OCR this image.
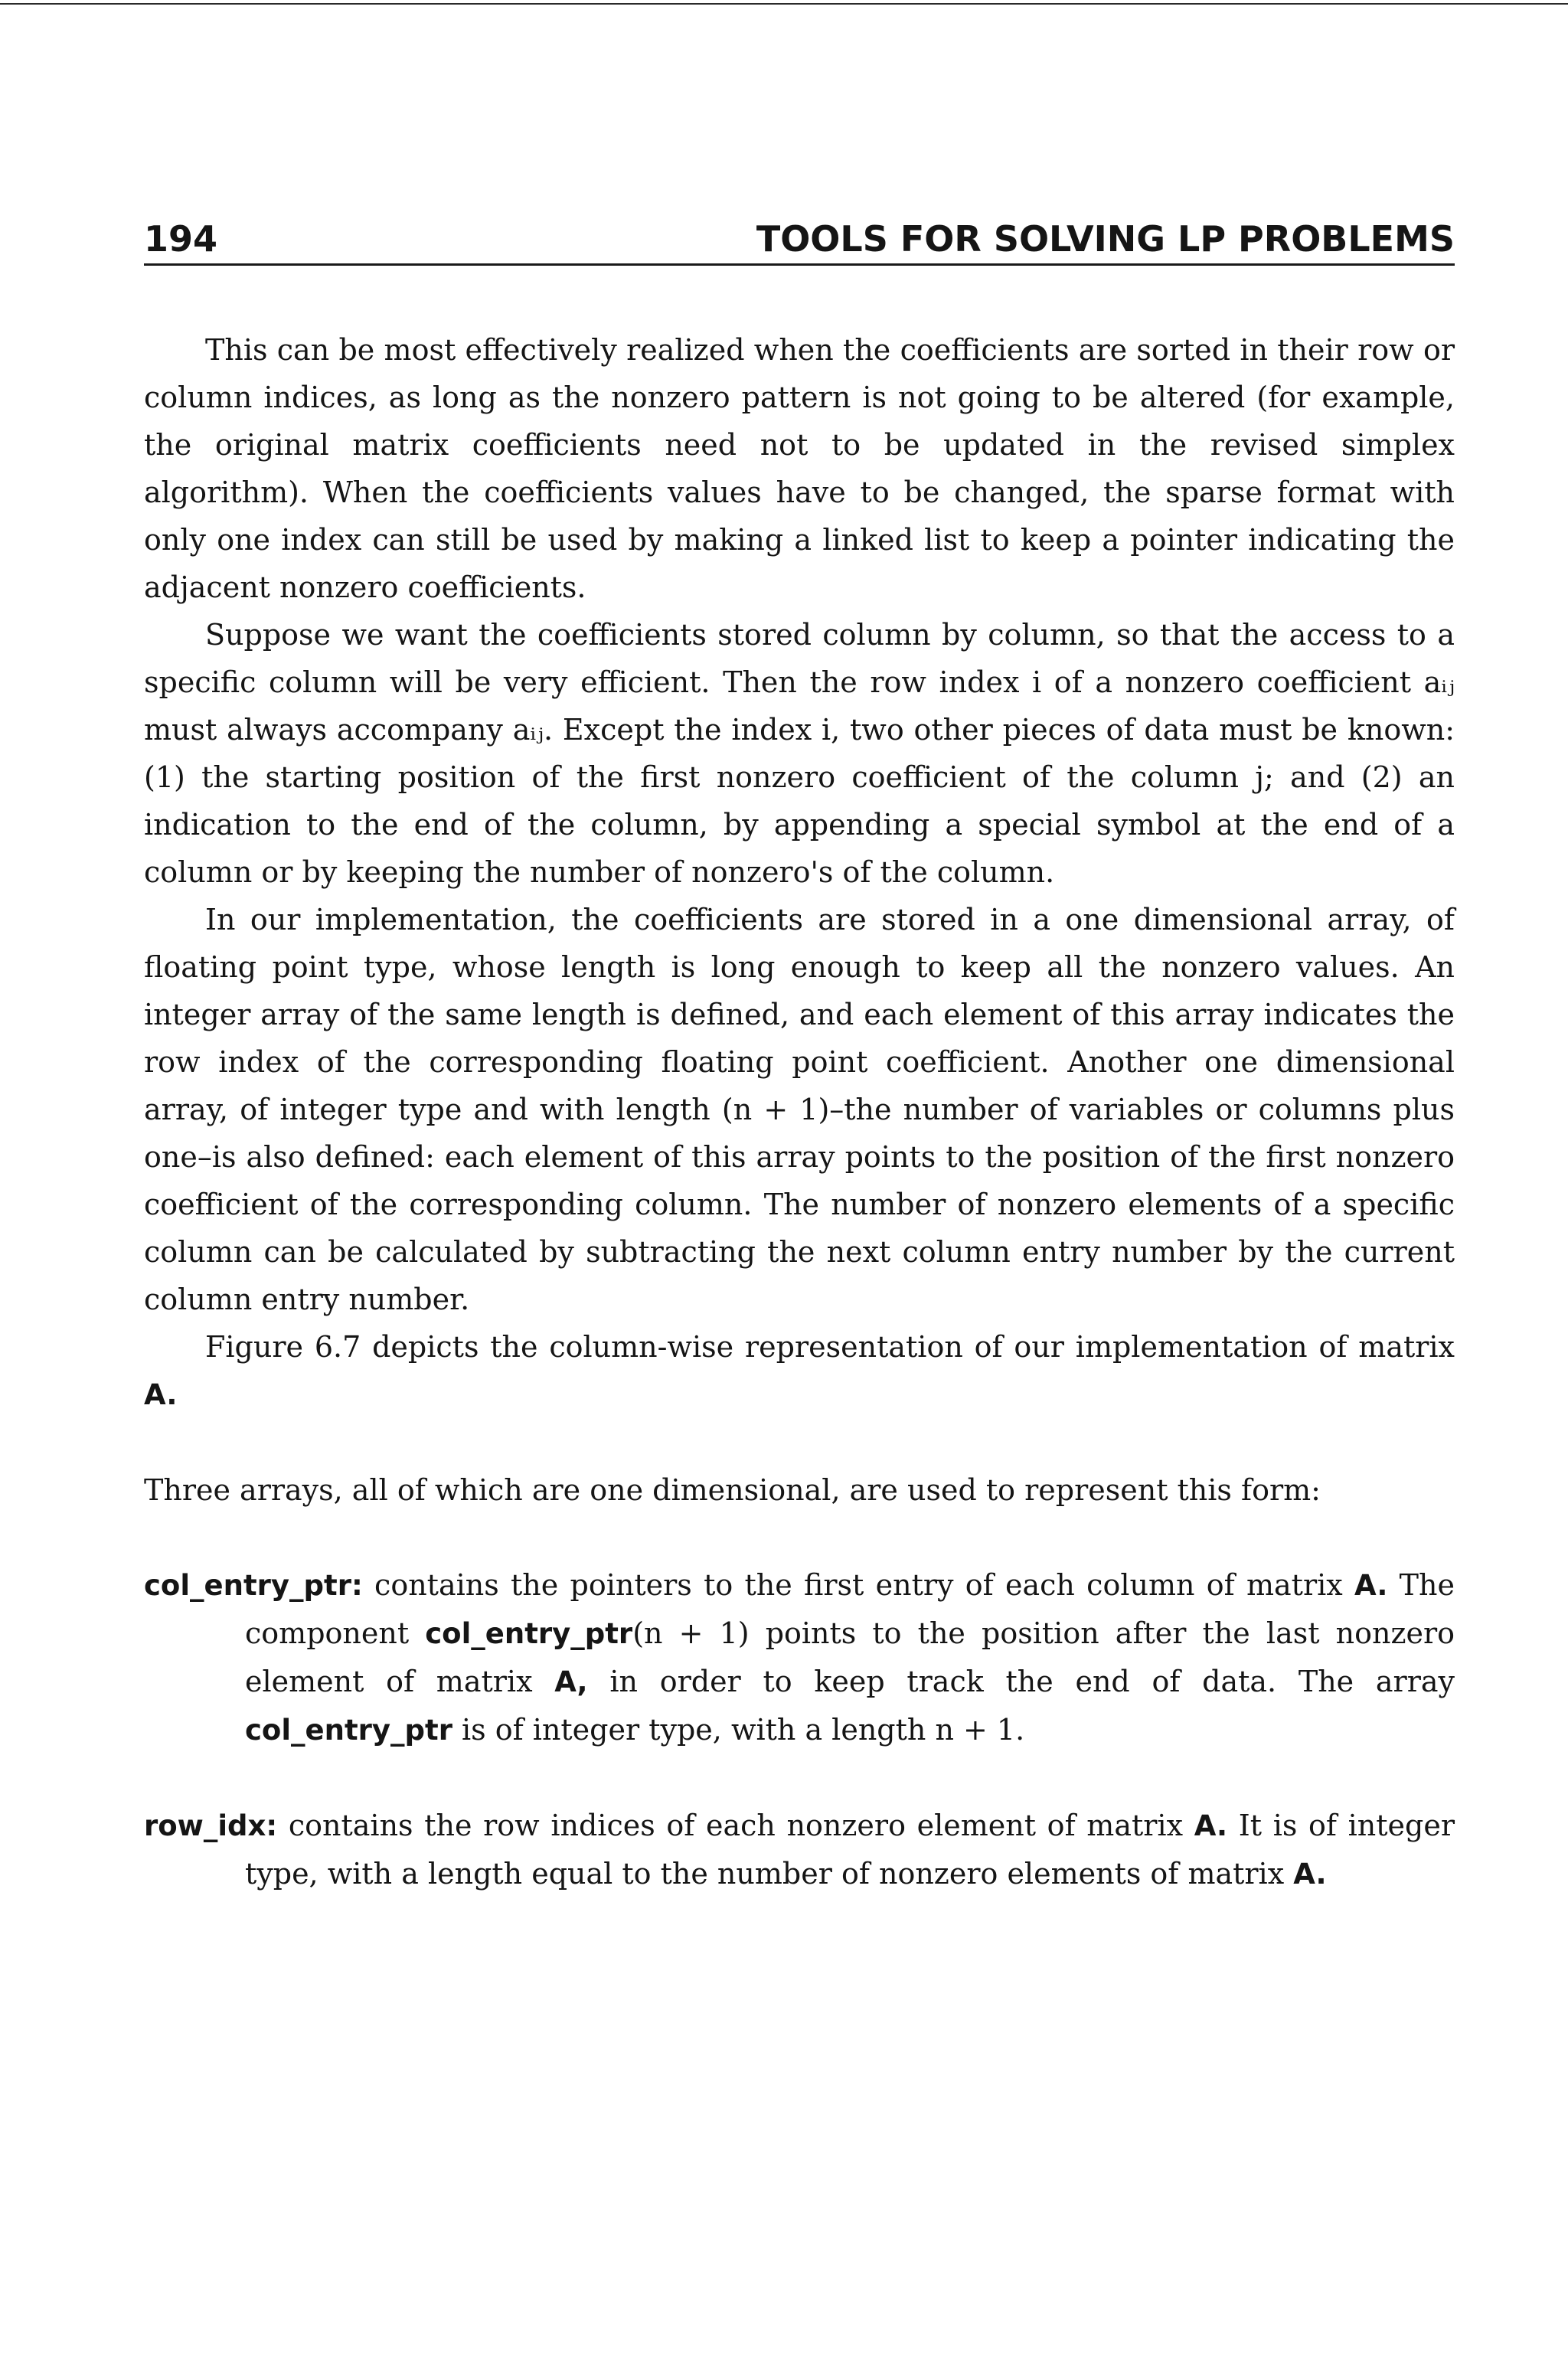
194	TOOLS FOR SOLVING LP PROBLEMS

This can be most effectively realized when the coefficients are sorted in their row or column indices, as long as the nonzero pattern is not going to be altered (for example, the original matrix coefficients need not to be updated in the revised simplex algorithm). When the coefficients values have to be changed, the sparse format with only one index can still be used by making a linked list to keep a pointer indicating the adjacent nonzero coefficients.

Suppose we want the coefficients stored column by column, so that the access to a specific column will be very efficient. Then the row index i of a nonzero coefficient aᵢⱼ must always accompany aᵢⱼ. Except the index i, two other pieces of data must be known: (1) the starting position of the first nonzero coefficient of the column j; and (2) an indication to the end of the column, by appending a special symbol at the end of a column or by keeping the number of nonzero's of the column.

In our implementation, the coefficients are stored in a one dimensional array, of floating point type, whose length is long enough to keep all the nonzero values. An integer array of the same length is defined, and each element of this array indicates the row index of the corresponding floating point coefficient. Another one dimensional array, of integer type and with length (n + 1)–the number of variables or columns plus one–is also defined: each element of this array points to the position of the first nonzero coefficient of the corresponding column. The number of nonzero elements of a specific column can be calculated by subtracting the next column entry number by the current column entry number.

Figure 6.7 depicts the column-wise representation of our implementation of matrix A.

Three arrays, all of which are one dimensional, are used to represent this form:

col_entry_ptr: contains the pointers to the first entry of each column of matrix A. The component col_entry_ptr(n + 1) points to the position after the last nonzero element of matrix A, in order to keep track the end of data. The array col_entry_ptr is of integer type, with a length n + 1.

row_idx: contains the row indices of each nonzero element of matrix A. It is of integer type, with a length equal to the number of nonzero elements of matrix A.
